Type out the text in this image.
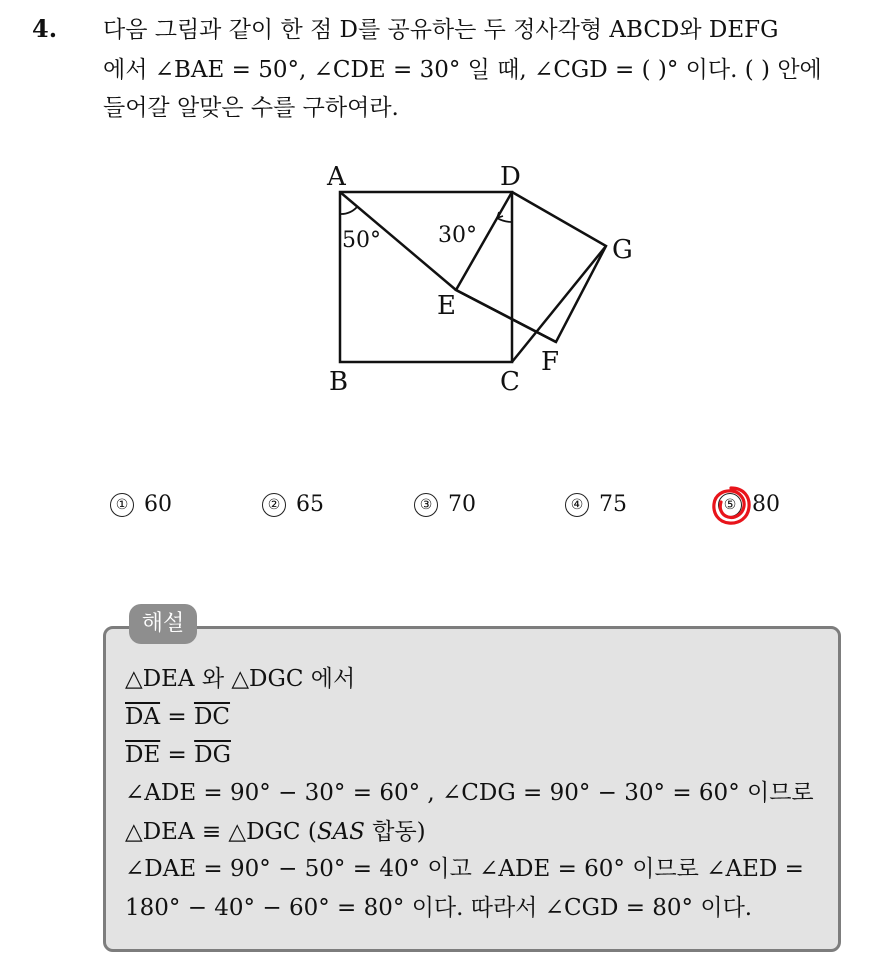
4. 다음 그림과 같이 한 점 D를 공유하는 두 정사각형 ABCD와 DEFG
에서 ∠BAE = 50°, ∠CDE = 30° 일 때, ∠CGD = ( )° 이다. ( ) 안에
들어갈 알맞은 수를 구하여라.
A	D
G
E
F
B	C
50°	30°
① 60	② 65	③ 70	④ 75	⑤ 80
해설
△DEA 와 △DGC 에서
$\overline{DA} = \overline{DC}$
$\overline{DE} = \overline{DG}$
∠ADE = 90° − 30° = 60° , ∠CDG = 90° − 30° = 60° 이므로
△DEA ≡ △DGC (SAS 합동)
∠DAE = 90° − 50° = 40° 이고 ∠ADE = 60° 이므로 ∠AED =
180° − 40° − 60° = 80° 이다. 따라서 ∠CGD = 80° 이다.
